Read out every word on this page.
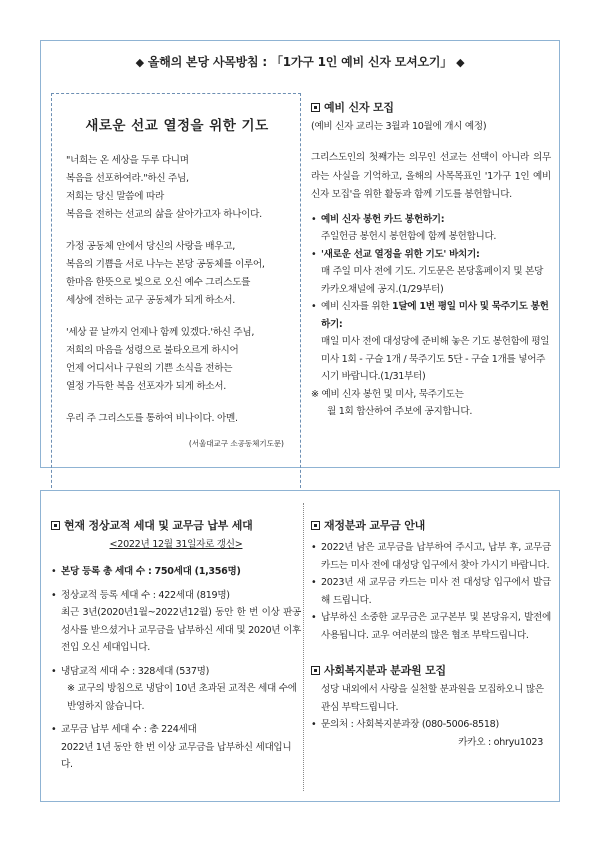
◆ 올해의 본당 사목방침 : 「1가구 1인 예비 신자 모셔오기」 ◆
새로운 선교 열정을 위한 기도

"너희는 온 세상을 두루 다니며
복음을 선포하여라."하신 주님,
저희는 당신 말씀에 따라
복음을 전하는 선교의 삶을 살아가고자 하나이다.

가정 공동체 안에서 당신의 사랑을 배우고,
복음의 기쁨을 서로 나누는 본당 공동체를 이루어,
한마음 한뜻으로 빛으로 오신 예수 그리스도를
세상에 전하는 교구 공동체가 되게 하소서.

'세상 끝 날까지 언제나 함께 있겠다.'하신 주님,
저희의 마음을 성령으로 불타오르게 하시어
언제 어디서나 구원의 기쁜 소식을 전하는
열정 가득한 복음 선포자가 되게 하소서.

우리 주 그리스도를 통하여 비나이다. 아멘.

(서울대교구 소공동체기도문)
예비 신자 모집
(예비 신자 교리는 3월과 10월에 개시 예정)

그리스도인의 첫째가는 의무인 선교는 선택이 아니라 의무라는 사실을 기억하고, 올해의 사목목표인 '1가구 1인 예비 신자 모집'을 위한 활동과 함께 기도를 봉헌합니다.

• 예비 신자 봉헌 카드 봉헌하기:
주일헌금 봉헌시 봉헌함에 함께 봉헌합니다.
• '새로운 선교 열정을 위한 기도' 바치기:
매 주일 미사 전에 기도. 기도문은 본당홈페이지 및 본당카카오채널에 공지.(1/29부터)
• 예비 신자를 위한 1달에 1번 평일 미사 및 묵주기도 봉헌하기:
매일 미사 전에 대성당에 준비해 놓은 기도 봉헌함에 평일미사 1회 - 구슬 1개 / 묵주기도 5단 - 구슬 1개를 넣어주시기 바랍니다.(1/31부터)
※ 예비 신자 봉헌 및 미사, 묵주기도는
월 1회 합산하여 주보에 공지합니다.
현재 정상교적 세대 및 교무금 납부 세대
<2022년 12월 31일자로 갱신>
• 본당 등록 총 세대 수 : 750세대 (1,356명)
• 정상교적 등록 세대 수 : 422세대 (819명)
최근 3년(2020년1월~2022년12월) 동안 한 번 이상 판공성사를 받으셨거나 교무금을 납부하신 세대 및 2020년 이후 전입 오신 세대입니다.
• 냉담교적 세대 수 : 328세대 (537명)
※ 교구의 방침으로 냉담이 10년 초과된 교적은 세대 수에 반영하지 않습니다.
• 교무금 납부 세대 수 : 총 224세대
2022년 1년 동안 한 번 이상 교무금을 납부하신 세대입니다.
재정분과 교무금 안내
• 2022년 남은 교무금을 납부하여 주시고, 납부 후, 교무금카드는 미사 전에 대성당 입구에서 찾아 가시기 바랍니다.
• 2023년 새 교무금 카드는 미사 전 대성당 입구에서 발급해 드립니다.
• 납부하신 소중한 교무금은 교구본부 및 본당유지, 발전에 사용됩니다. 교우 여러분의 많은 협조 부탁드립니다.
사회복지분과 분과원 모집
성당 내외에서 사랑을 실천할 분과원을 모집하오니 많은 관심 부탁드립니다.
• 문의처 : 사회복지분과장 (080-5006-8518)
카카오 : ohryu1023
